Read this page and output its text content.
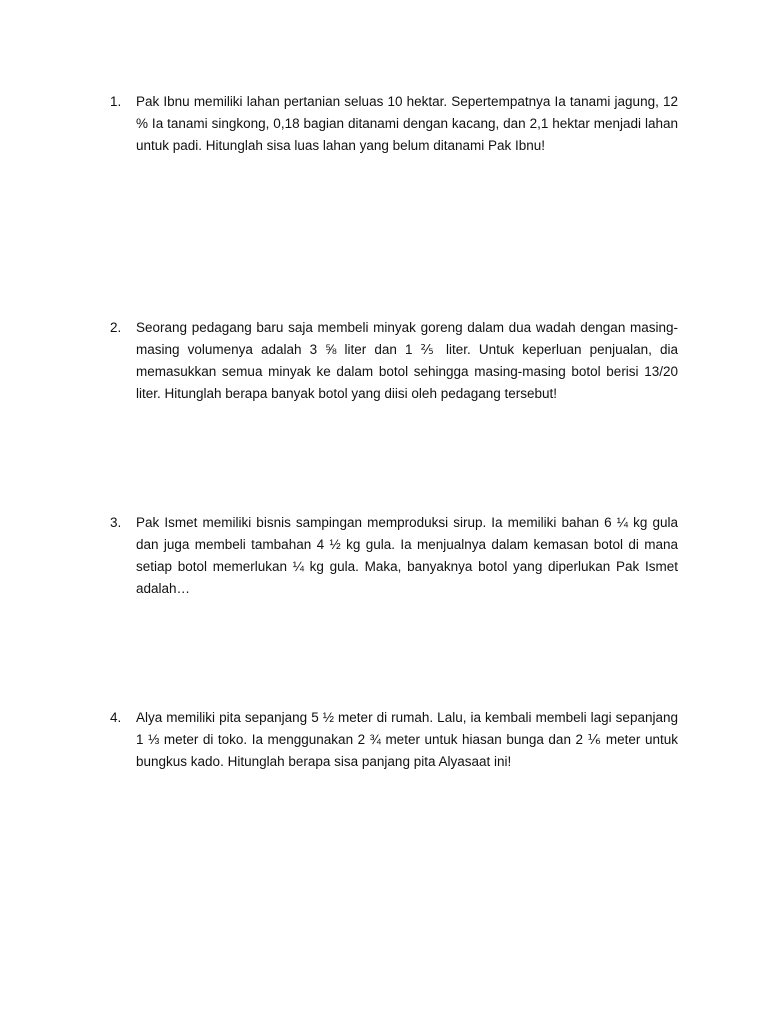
1.	Pak Ibnu memiliki lahan pertanian seluas 10 hektar. Sepertempatnya Ia tanami jagung, 12 % Ia tanami singkong, 0,18 bagian ditanami dengan kacang, dan 2,1 hektar menjadi lahan untuk padi. Hitunglah sisa luas lahan yang belum ditanami Pak Ibnu!
2.	Seorang pedagang baru saja membeli minyak goreng dalam dua wadah dengan masing-masing volumenya adalah 3 ⅝ liter dan 1 ⅖ liter. Untuk keperluan penjualan, dia memasukkan semua minyak ke dalam botol sehingga masing-masing botol berisi 13/20 liter. Hitunglah berapa banyak botol yang diisi oleh pedagang tersebut!
3.	Pak Ismet memiliki bisnis sampingan memproduksi sirup. Ia memiliki bahan 6 ¼ kg gula dan juga membeli tambahan 4 ½ kg gula. Ia menjualnya dalam kemasan botol di mana setiap botol memerlukan ¼ kg gula. Maka, banyaknya botol yang diperlukan Pak Ismet adalah…
4.	Alya memiliki pita sepanjang 5 ½ meter di rumah. Lalu, ia kembali membeli lagi sepanjang 1 ⅓ meter di toko. Ia menggunakan 2 ¾ meter untuk hiasan bunga dan 2 ⅙ meter untuk bungkus kado. Hitunglah berapa sisa panjang pita Alyasaat ini!
